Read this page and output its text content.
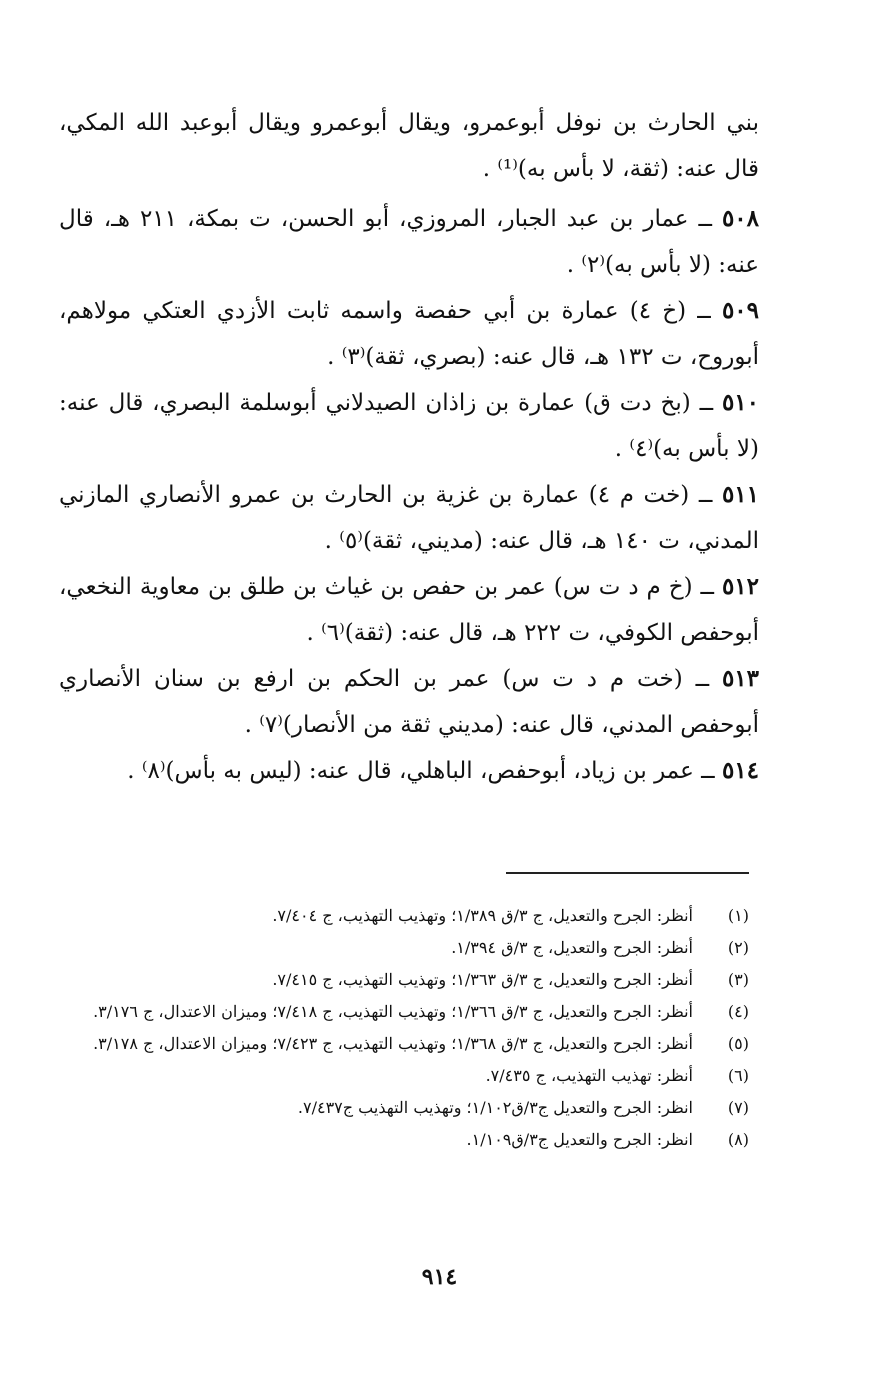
بني الحارث بن نوفل أبوعمرو، ويقال أبوعمرو ويقال أبوعبد الله المكي، قال عنه: (ثقة، لا بأس به)⁽¹⁾ .
٥٠٨ ــ عمار بن عبد الجبار، المروزي، أبو الحسن، ت بمكة، ٢١١ هـ، قال عنه: (لا بأس به)⁽٢⁾ .
٥٠٩ ــ (خ ٤) عمارة بن أبي حفصة واسمه ثابت الأزدي العتكي مولاهم، أبوروح، ت ١٣٢ هـ، قال عنه: (بصري، ثقة)⁽٣⁾ .
٥١٠ ــ (بخ دت ق) عمارة بن زاذان الصيدلاني أبوسلمة البصري، قال عنه: (لا بأس به)⁽٤⁾ .
٥١١ ــ (خت م ٤) عمارة بن غزية بن الحارث بن عمرو الأنصاري المازني المدني، ت ١٤٠ هـ، قال عنه: (مديني، ثقة)⁽٥⁾ .
٥١٢ ــ (خ م د ت س) عمر بن حفص بن غياث بن طلق بن معاوية النخعي، أبوحفص الكوفي، ت ٢٢٢ هـ، قال عنه: (ثقة)⁽٦⁾ .
٥١٣ ــ (خت م د ت س) عمر بن الحكم بن ارفع بن سنان الأنصاري أبوحفص المدني، قال عنه: (مديني ثقة من الأنصار)⁽٧⁾ .
٥١٤ ــ عمر بن زياد، أبوحفص، الباهلي، قال عنه: (ليس به بأس)⁽٨⁾ .
(١)
أنظر: الجرح والتعديل، ج ٣/ق ١/٣٨٩؛ وتهذيب التهذيب، ج ٧/٤٠٤.
(٢)
أنظر: الجرح والتعديل، ج ٣/ق ١/٣٩٤.
(٣)
أنظر: الجرح والتعديل، ج ٣/ق ١/٣٦٣؛ وتهذيب التهذيب، ج ٧/٤١٥.
(٤)
أنظر: الجرح والتعديل، ج ٣/ق ١/٣٦٦؛ وتهذيب التهذيب، ج ٧/٤١٨؛ وميزان الاعتدال، ج ٣/١٧٦.
(٥)
أنظر: الجرح والتعديل، ج ٣/ق ١/٣٦٨؛ وتهذيب التهذيب، ج ٧/٤٢٣؛ وميزان الاعتدال، ج ٣/١٧٨.
(٦)
أنظر: تهذيب التهذيب، ج ٧/٤٣٥.
(٧)
انظر: الجرح والتعديل ج٣/ق١/١٠٢؛ وتهذيب التهذيب ج٧/٤٣٧.
(٨)
انظر: الجرح والتعديل ج٣/ق١/١٠٩.
٩١٤
